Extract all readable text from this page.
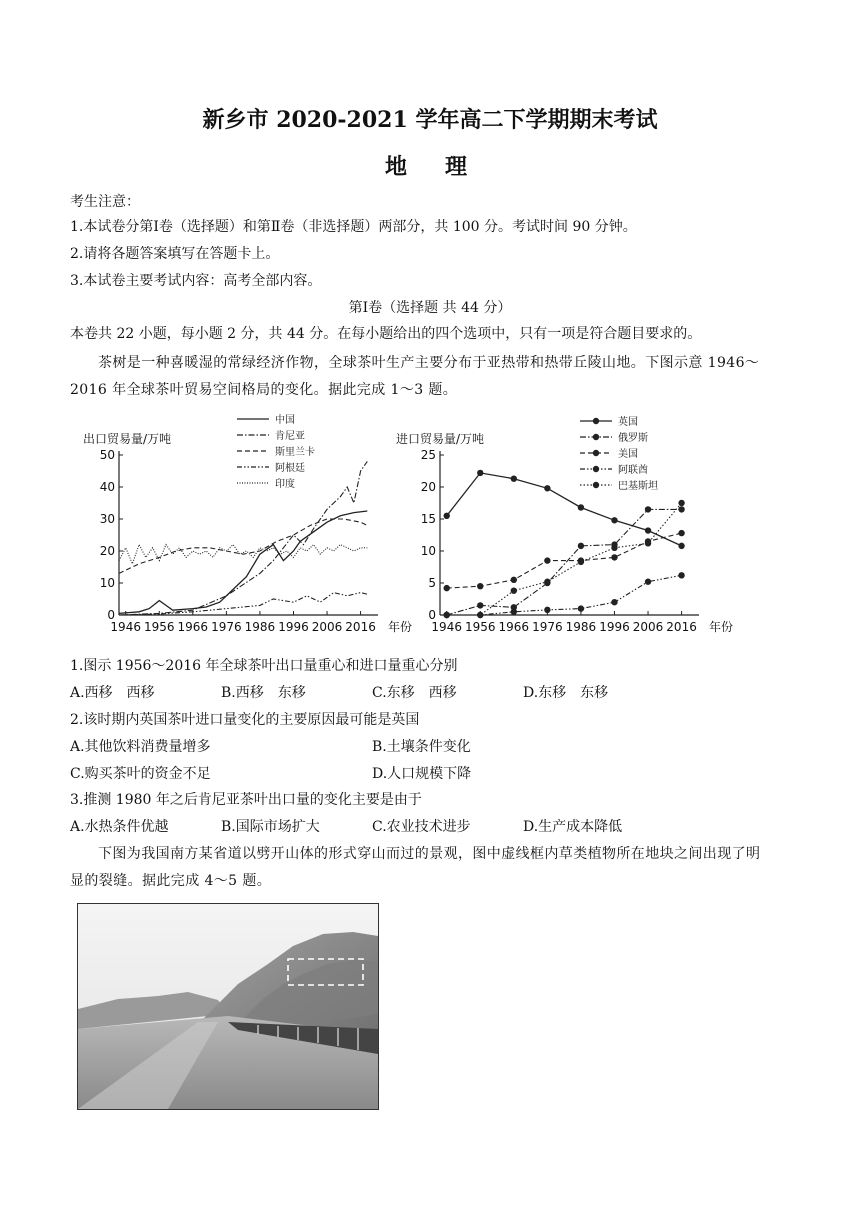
新乡市 2020-2021 学年高二下学期期末考试
地　理
考生注意：
1.本试卷分第Ⅰ卷（选择题）和第Ⅱ卷（非选择题）两部分，共 100 分。考试时间 90 分钟。
2.请将各题答案填写在答题卡上。
3.本试卷主要考试内容：高考全部内容。
第Ⅰ卷（选择题 共 44 分）
本卷共 22 小题，每小题 2 分，共 44 分。在每小题给出的四个选项中，只有一项是符合题目要求的。
茶树是一种喜暖湿的常绿经济作物，全球茶叶生产主要分布于亚热带和热带丘陵山地。下图示意 1946～
2016 年全球茶叶贸易空间格局的变化。据此完成 1～3 题。
0
10
20
30
40
50
1946 1956 1966 1976 1986 1996 2006 2016
出口贸易量/万吨
年份
中国
肯尼亚
斯里兰卡
阿根廷
印度
0
5
10
15
20
25
1946 1956 1966 1976 1986 1996 2006 2016
进口贸易量/万吨
年份
英国
俄罗斯
美国
阿联酋
巴基斯坦
1.图示 1956～2016 年全球茶叶出口量重心和进口量重心分别
A.西移　西移	B.西移　东移	C.东移　西移	D.东移　东移
2.该时期内英国茶叶进口量变化的主要原因最可能是英国
A.其他饮料消费量增多	B.土壤条件变化
C.购买茶叶的资金不足	D.人口规模下降
3.推测 1980 年之后肯尼亚茶叶出口量的变化主要是由于
A.水热条件优越	B.国际市场扩大	C.农业技术进步	D.生产成本降低
下图为我国南方某省道以劈开山体的形式穿山而过的景观，图中虚线框内草类植物所在地块之间出现了明
显的裂缝。据此完成 4～5 题。
